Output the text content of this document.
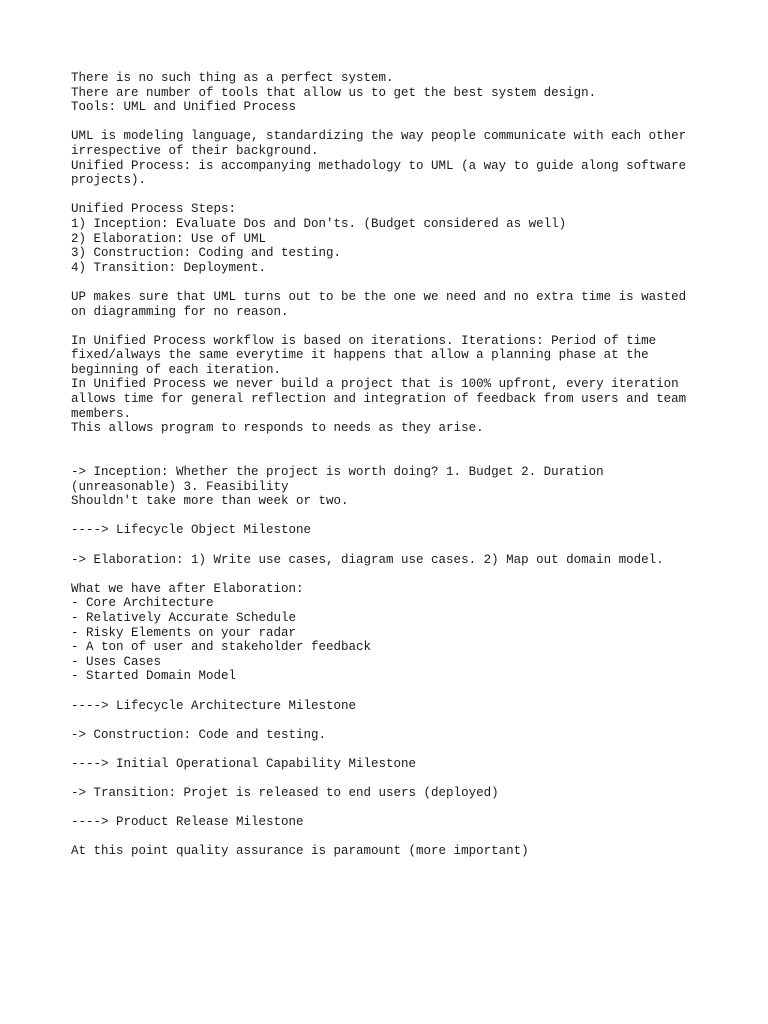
There is no such thing as a perfect system.
There are number of tools that allow us to get the best system design.
Tools: UML and Unified Process
UML is modeling language, standardizing the way people communicate with each other
irrespective of their background.
Unified Process: is accompanying methadology to UML (a way to guide along software
projects).
Unified Process Steps:
1) Inception: Evaluate Dos and Don'ts. (Budget considered as well)
2) Elaboration: Use of UML
3) Construction: Coding and testing.
4) Transition: Deployment.
UP makes sure that UML turns out to be the one we need and no extra time is wasted
on diagramming for no reason.
In Unified Process workflow is based on iterations. Iterations: Period of time
fixed/always the same everytime it happens that allow a planning phase at the
beginning of each iteration.
In Unified Process we never build a project that is 100% upfront, every iteration
allows time for general reflection and integration of feedback from users and team
members.
This allows program to responds to needs as they arise.
-> Inception: Whether the project is worth doing? 1. Budget 2. Duration
(unreasonable) 3. Feasibility
Shouldn't take more than week or two.
----> Lifecycle Object Milestone
-> Elaboration: 1) Write use cases, diagram use cases. 2) Map out domain model.
What we have after Elaboration:
- Core Architecture
- Relatively Accurate Schedule
- Risky Elements on your radar
- A ton of user and stakeholder feedback
- Uses Cases
- Started Domain Model
----> Lifecycle Architecture Milestone
-> Construction: Code and testing.
----> Initial Operational Capability Milestone
-> Transition: Projet is released to end users (deployed)
----> Product Release Milestone
At this point quality assurance is paramount (more important)
